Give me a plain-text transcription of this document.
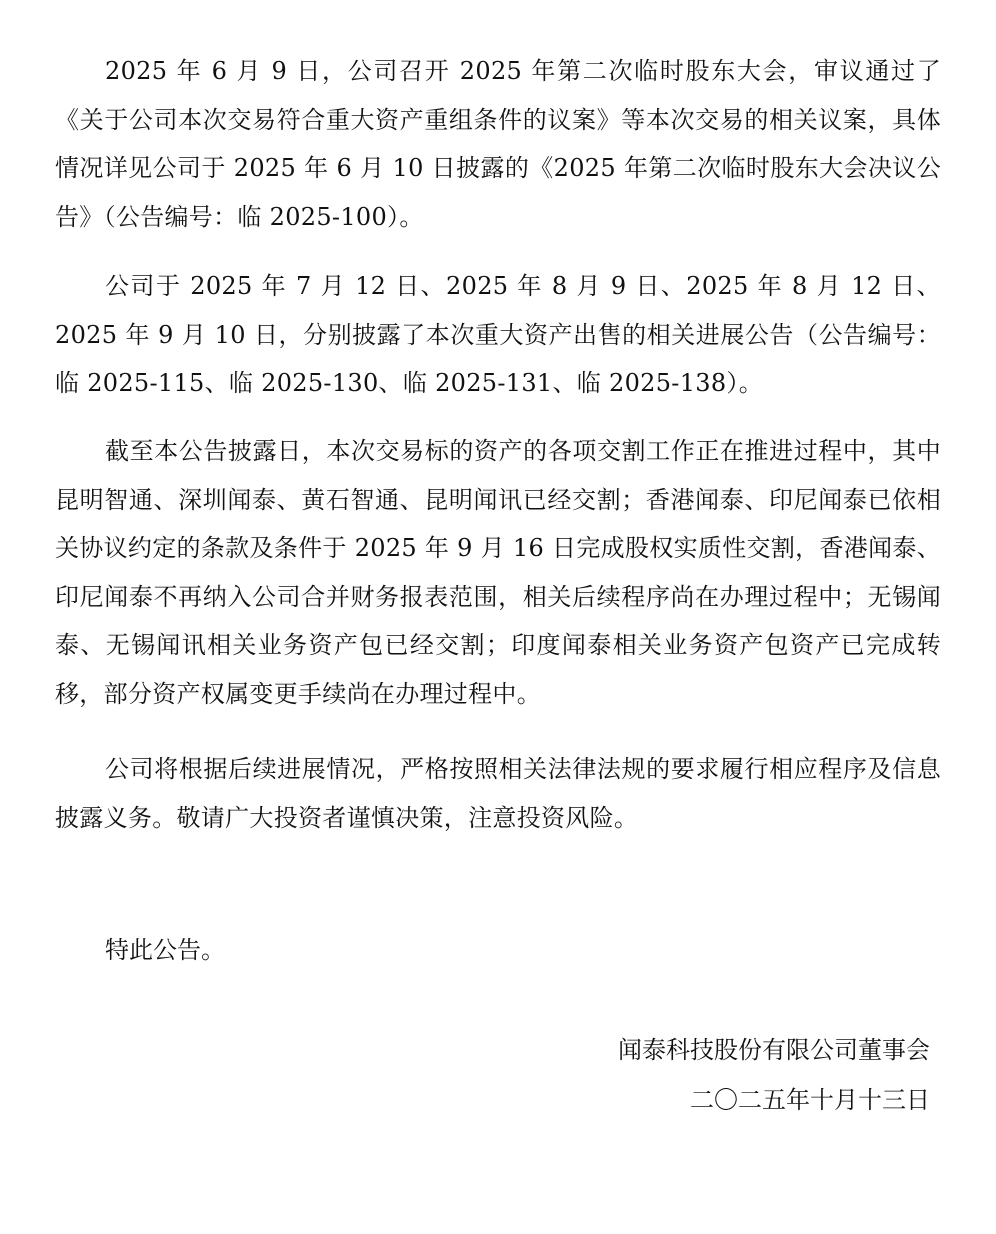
2025 年 6 月 9 日，公司召开 2025 年第二次临时股东大会，审议通过了《关于公司本次交易符合重大资产重组条件的议案》等本次交易的相关议案，具体情况详见公司于 2025 年 6 月 10 日披露的《2025 年第二次临时股东大会决议公告》（公告编号：临 2025-100）。

公司于 2025 年 7 月 12 日、2025 年 8 月 9 日、2025 年 8 月 12 日、2025 年 9 月 10 日，分别披露了本次重大资产出售的相关进展公告（公告编号：临 2025-115、临 2025-130、临 2025-131、临 2025-138）。

截至本公告披露日，本次交易标的资产的各项交割工作正在推进过程中，其中昆明智通、深圳闻泰、黄石智通、昆明闻讯已经交割；香港闻泰、印尼闻泰已依相关协议约定的条款及条件于 2025 年 9 月 16 日完成股权实质性交割，香港闻泰、印尼闻泰不再纳入公司合并财务报表范围，相关后续程序尚在办理过程中；无锡闻泰、无锡闻讯相关业务资产包已经交割；印度闻泰相关业务资产包资产已完成转移，部分资产权属变更手续尚在办理过程中。

公司将根据后续进展情况，严格按照相关法律法规的要求履行相应程序及信息披露义务。敬请广大投资者谨慎决策，注意投资风险。

特此公告。

闻泰科技股份有限公司董事会

二〇二五年十月十三日
